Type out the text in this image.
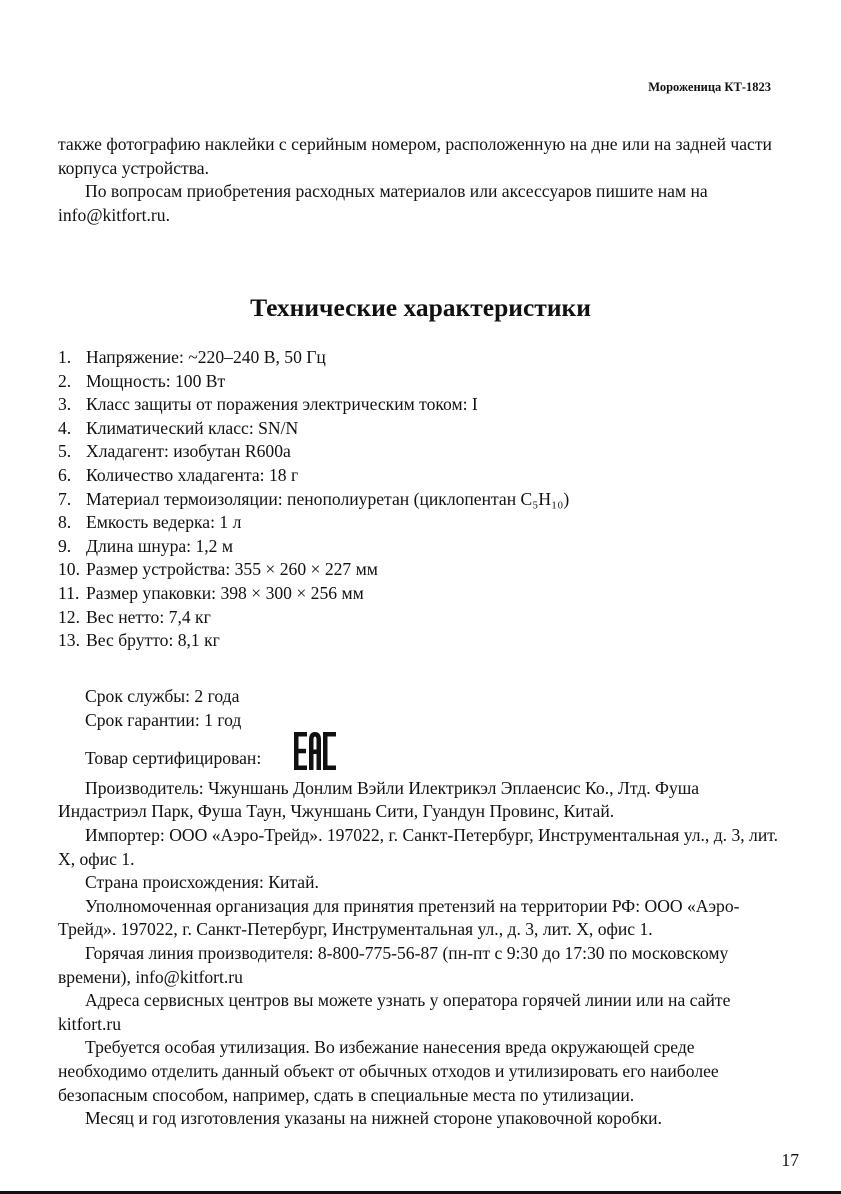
Мороженица КТ-1823

также фотографию наклейки с серийным номером, расположенную на дне или на задней части корпуса устройства.

По вопросам приобретения расходных материалов или аксессуаров пишите нам на info@kitfort.ru.

Технические характеристики
1. Напряжение: ~220–240 В, 50 Гц
2. Мощность: 100 Вт
3. Класс защиты от поражения электрическим током: I
4. Климатический класс: SN/N
5. Хладагент: изобутан R600a
6. Количество хладагента: 18 г
7. Материал термоизоляции: пенополиуретан (циклопентан C₅H₁₀)
8. Емкость ведерка: 1 л
9. Длина шнура: 1,2 м
10. Размер устройства: 355 × 260 × 227 мм
11. Размер упаковки: 398 × 300 × 256 мм
12. Вес нетто: 7,4 кг
13. Вес брутто: 8,1 кг

Срок службы: 2 года

Срок гарантии: 1 год

Товар сертифицирован:

Производитель: Чжуншань Донлим Вэйли Илектрикэл Эплаенсис Ко., Лтд. Фуша Индастриэл Парк, Фуша Таун, Чжуншань Сити, Гуандун Провинс, Китай.

Импортер: ООО «Аэро-Трейд». 197022, г. Санкт-Петербург, Инструментальная ул., д. 3, лит. Х, офис 1.

Страна происхождения: Китай.

Уполномоченная организация для принятия претензий на территории РФ: ООО «Аэро-Трейд». 197022, г. Санкт-Петербург, Инструментальная ул., д. 3, лит. Х, офис 1.

Горячая линия производителя: 8-800-775-56-87 (пн-пт с 9:30 до 17:30 по московскому времени), info@kitfort.ru

Адреса сервисных центров вы можете узнать у оператора горячей линии или на сайте kitfort.ru

Требуется особая утилизация. Во избежание нанесения вреда окружающей среде необходимо отделить данный объект от обычных отходов и утилизировать его наиболее безопасным способом, например, сдать в специальные места по утилизации.

Месяц и год изготовления указаны на нижней стороне упаковочной коробки.

17
